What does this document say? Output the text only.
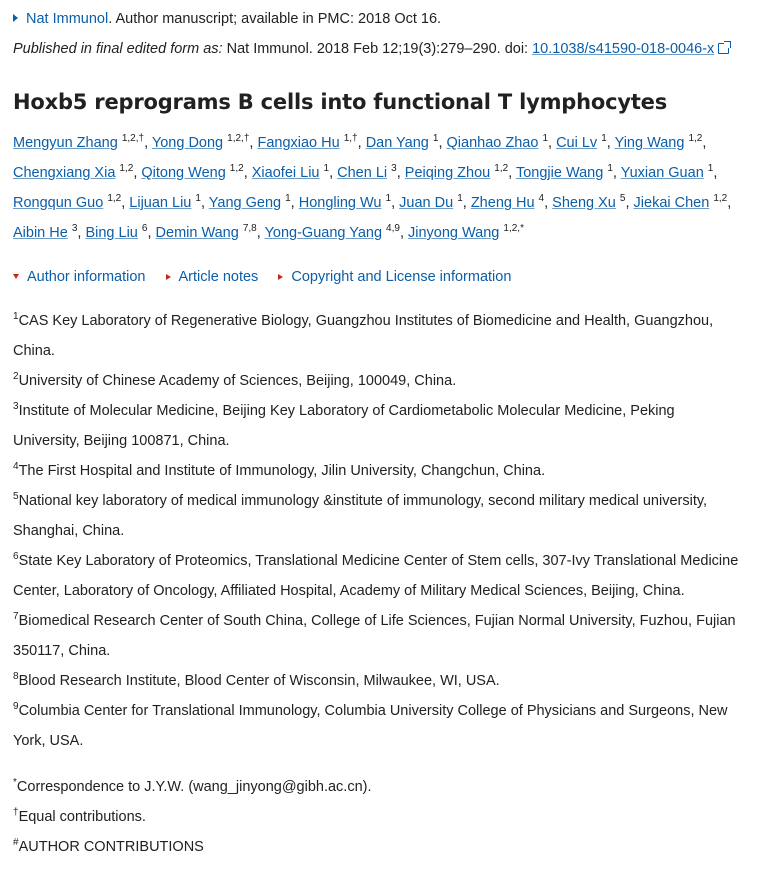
Nat Immunol. Author manuscript; available in PMC: 2018 Oct 16.
Published in final edited form as: Nat Immunol. 2018 Feb 12;19(3):279–290. doi: 10.1038/s41590-018-0046-x
Hoxb5 reprograms B cells into functional T lymphocytes
Mengyun Zhang $^{1,2,\dagger}$, Yong Dong $^{1,2,\dagger}$, Fangxiao Hu $^{1,\dagger}$, Dan Yang $^1$, Qianhao Zhao $^1$, Cui Lv $^1$, Ying Wang $^{1,2}$, Chengxiang Xia $^{1,2}$, Qitong Weng $^{1,2}$, Xiaofei Liu $^1$, Chen Li $^3$, Peiqing Zhou $^{1,2}$, Tongjie Wang $^1$, Yuxian Guan $^1$, Rongqun Guo $^{1,2}$, Lijuan Liu $^1$, Yang Geng $^1$, Hongling Wu $^1$, Juan Du $^1$, Zheng Hu $^4$, Sheng Xu $^5$, Jiekai Chen $^{1,2}$, Aibin He $^3$, Bing Liu $^6$, Demin Wang $^{7,8}$, Yong-Guang Yang $^{4,9}$, Jinyong Wang $^{1,2,*}$
Author information Article notes Copyright and License information
$^1$CAS Key Laboratory of Regenerative Biology, Guangzhou Institutes of Biomedicine and Health, Guangzhou, China.
$^2$University of Chinese Academy of Sciences, Beijing, 100049, China.
$^3$Institute of Molecular Medicine, Beijing Key Laboratory of Cardiometabolic Molecular Medicine, Peking University, Beijing 100871, China.
$^4$The First Hospital and Institute of Immunology, Jilin University, Changchun, China.
$^5$National key laboratory of medical immunology &institute of immunology, second military medical university, Shanghai, China.
$^6$State Key Laboratory of Proteomics, Translational Medicine Center of Stem cells, 307-Ivy Translational Medicine Center, Laboratory of Oncology, Affiliated Hospital, Academy of Military Medical Sciences, Beijing, China.
$^7$Biomedical Research Center of South China, College of Life Sciences, Fujian Normal University, Fuzhou, Fujian 350117, China.
$^8$Blood Research Institute, Blood Center of Wisconsin, Milwaukee, WI, USA.
$^9$Columbia Center for Translational Immunology, Columbia University College of Physicians and Surgeons, New York, USA.
*Correspondence to J.Y.W. (wang_jinyong@gibh.ac.cn).
†Equal contributions.
#AUTHOR CONTRIBUTIONS
